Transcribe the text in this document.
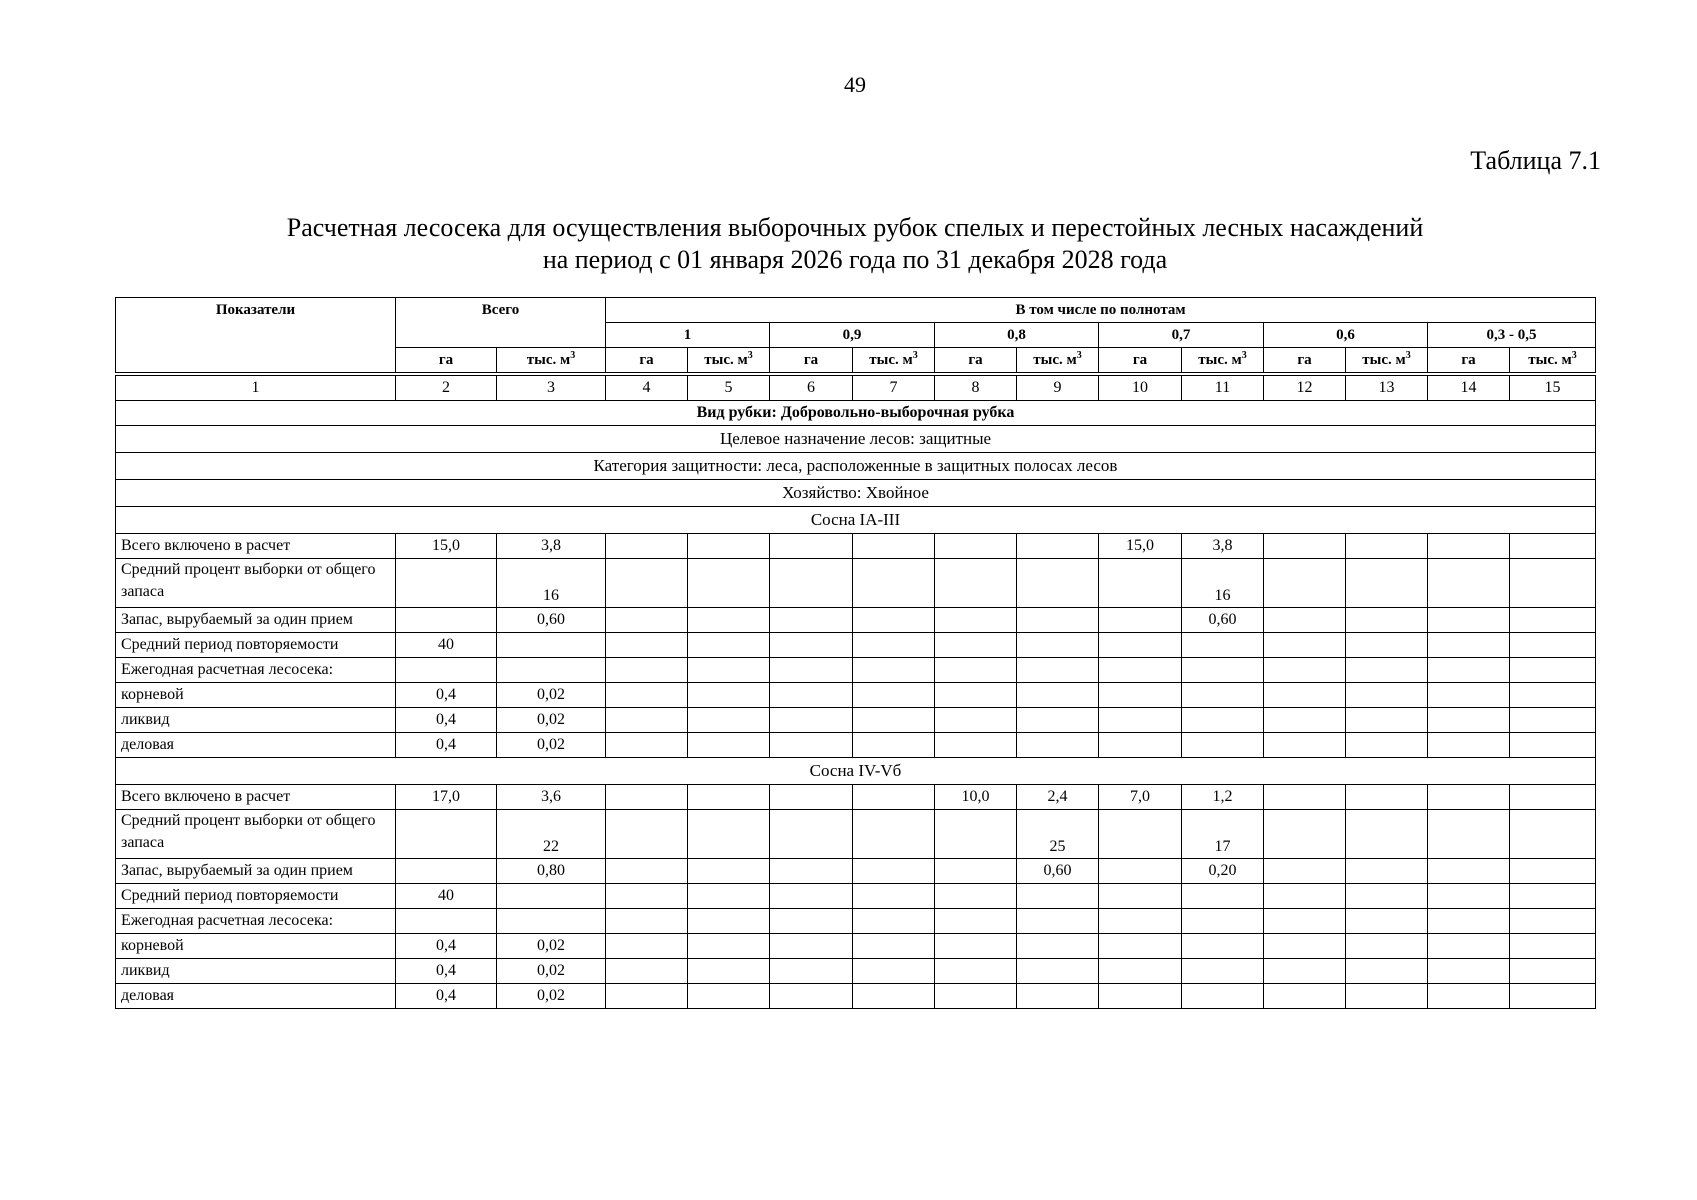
49
Таблица 7.1
Расчетная лесосека для осуществления выборочных рубок спелых и перестойных лесных насаждений
на период с 01 января 2026 года по 31 декабря 2028 года
Показатели	Всего		В том числе по полнотам											
			1		0,9		0,8		0,7		0,6		0,3 - 0,5	
	га	тыс. $м^3$	га	тыс. $м^3$	га	тыс. $м^3$	га	тыс. $м^3$	га	тыс. $м^3$	га	тыс. $м^3$	га	тыс. $м^3$
1	2	3	4	5	6	7	8	9	10	11	12	13	14	15
Вид рубки: Добровольно-выборочная рубка														
Целевое назначение лесов: защитные														
Категория защитности: леса, расположенные в защитных полосах лесов														
Хозяйство: Хвойное														
Сосна IA-III														
Всего включено в расчет	15,0	3,8							15,0	3,8				
Средний процент выборки от общего запаса		16								16				
Запас, вырубаемый за один прием		0,60								0,60				
Средний период повторяемости	40													
Ежегодная расчетная лесосека:														
корневой	0,4	0,02												
ликвид	0,4	0,02												
деловая	0,4	0,02												
Сосна IV-Vб														
Всего включено в расчет	17,0	3,6					10,0	2,4	7,0	1,2				
Средний процент выборки от общего запаса		22						25		17				
Запас, вырубаемый за один прием		0,80						0,60		0,20				
Средний период повторяемости	40													
Ежегодная расчетная лесосека:														
корневой	0,4	0,02												
ликвид	0,4	0,02												
деловая	0,4	0,02												
